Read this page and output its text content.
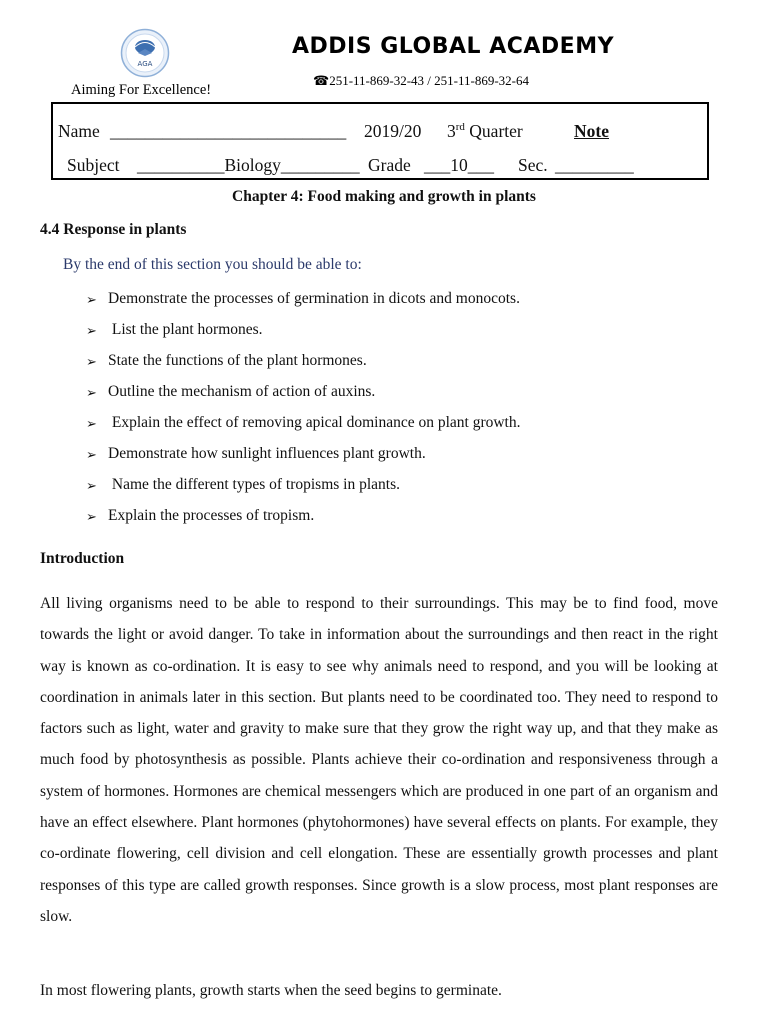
AGA
ADDIS GLOBAL ACADEMY
☎251-11-869-32-43 / 251-11-869-32-64
Aiming For Excellence!
Name ___________________________ 2019/20 3rd Quarter	Note
Subject __________Biology_________ Grade ___10___ Sec. _________
Chapter 4: Food making and growth in plants
4.4 Response in plants
By the end of this section you should be able to:
➢ Demonstrate the processes of germination in dicots and monocots.
➢ List the plant hormones.
➢ State the functions of the plant hormones.
➢ Outline the mechanism of action of auxins.
➢ Explain the effect of removing apical dominance on plant growth.
➢ Demonstrate how sunlight influences plant growth.
➢ Name the different types of tropisms in plants.
➢ Explain the processes of tropism.
Introduction

All living organisms need to be able to respond to their surroundings. This may be to find food, move towards the light or avoid danger. To take in information about the surroundings and then react in the right way is known as co-ordination. It is easy to see why animals need to respond, and you will be looking at coordination in animals later in this section. But plants need to be coordinated too. They need to respond to factors such as light, water and gravity to make sure that they grow the right way up, and that they make as much food by photosynthesis as possible. Plants achieve their co-ordination and responsiveness through a system of hormones. Hormones are chemical messengers which are produced in one part of an organism and have an effect elsewhere. Plant hormones (phytohormones) have several effects on plants. For example, they co-ordinate flowering, cell division and cell elongation. These are essentially growth processes and plant responses of this type are called growth responses. Since growth is a slow process, most plant responses are slow.

In most flowering plants, growth starts when the seed begins to germinate.
